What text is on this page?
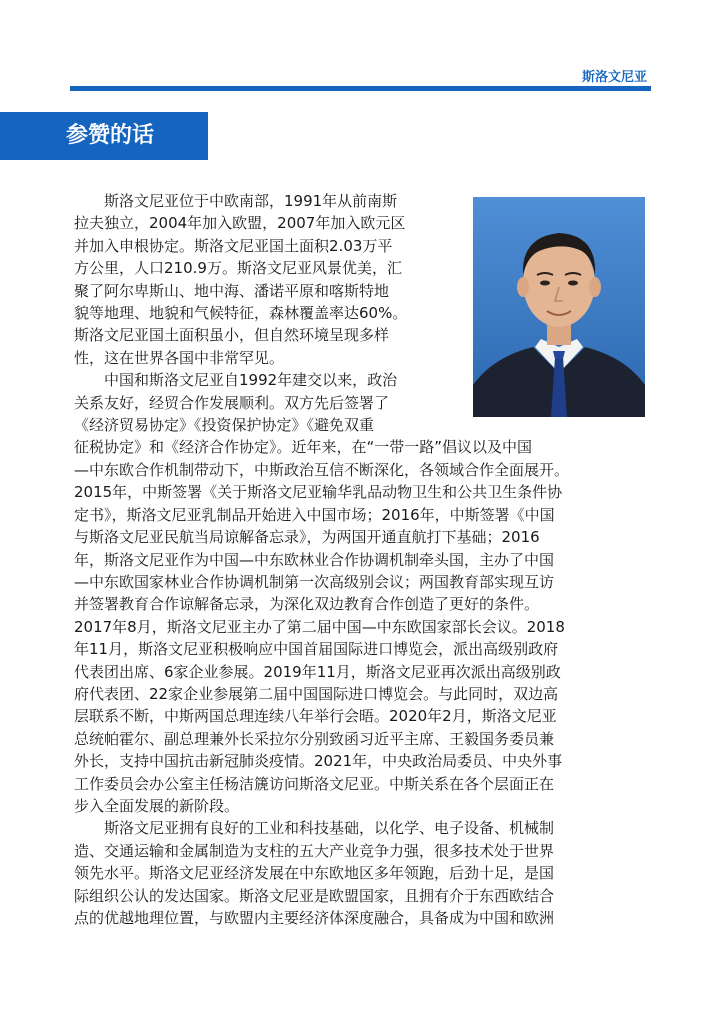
斯洛文尼亚
参赞的话
斯洛文尼亚位于中欧南部，1991年从前南斯
拉夫独立，2004年加入欧盟，2007年加入欧元区
并加入申根协定。斯洛文尼亚国土面积2.03万平
方公里，人口210.9万。斯洛文尼亚风景优美，汇
聚了阿尔卑斯山、地中海、潘诺平原和喀斯特地
貌等地理、地貌和气候特征，森林覆盖率达60%。
斯洛文尼亚国土面积虽小，但自然环境呈现多样
性，这在世界各国中非常罕见。
中国和斯洛文尼亚自1992年建交以来，政治
关系友好，经贸合作发展顺利。双方先后签署了
《经济贸易协定》《投资保护协定》《避免双重
征税协定》和《经济合作协定》。近年来，在“一带一路”倡议以及中国
—中东欧合作机制带动下，中斯政治互信不断深化，各领域合作全面展开。
2015年，中斯签署《关于斯洛文尼亚输华乳品动物卫生和公共卫生条件协
定书》，斯洛文尼亚乳制品开始进入中国市场；2016年，中斯签署《中国
与斯洛文尼亚民航当局谅解备忘录》，为两国开通直航打下基础；2016
年，斯洛文尼亚作为中国—中东欧林业合作协调机制牵头国，主办了中国
—中东欧国家林业合作协调机制第一次高级别会议；两国教育部实现互访
并签署教育合作谅解备忘录，为深化双边教育合作创造了更好的条件。
2017年8月，斯洛文尼亚主办了第二届中国—中东欧国家部长会议。2018
年11月，斯洛文尼亚积极响应中国首届国际进口博览会，派出高级别政府
代表团出席、6家企业参展。2019年11月，斯洛文尼亚再次派出高级别政
府代表团、22家企业参展第二届中国国际进口博览会。与此同时，双边高
层联系不断，中斯两国总理连续八年举行会晤。2020年2月，斯洛文尼亚
总统帕霍尔、副总理兼外长采拉尔分别致函习近平主席、王毅国务委员兼
外长，支持中国抗击新冠肺炎疫情。2021年，中央政治局委员、中央外事
工作委员会办公室主任杨洁篪访问斯洛文尼亚。中斯关系在各个层面正在
步入全面发展的新阶段。
斯洛文尼亚拥有良好的工业和科技基础，以化学、电子设备、机械制
造、交通运输和金属制造为支柱的五大产业竞争力强，很多技术处于世界
领先水平。斯洛文尼亚经济发展在中东欧地区多年领跑，后劲十足，是国
际组织公认的发达国家。斯洛文尼亚是欧盟国家，且拥有介于东西欧结合
点的优越地理位置，与欧盟内主要经济体深度融合，具备成为中国和欧洲
